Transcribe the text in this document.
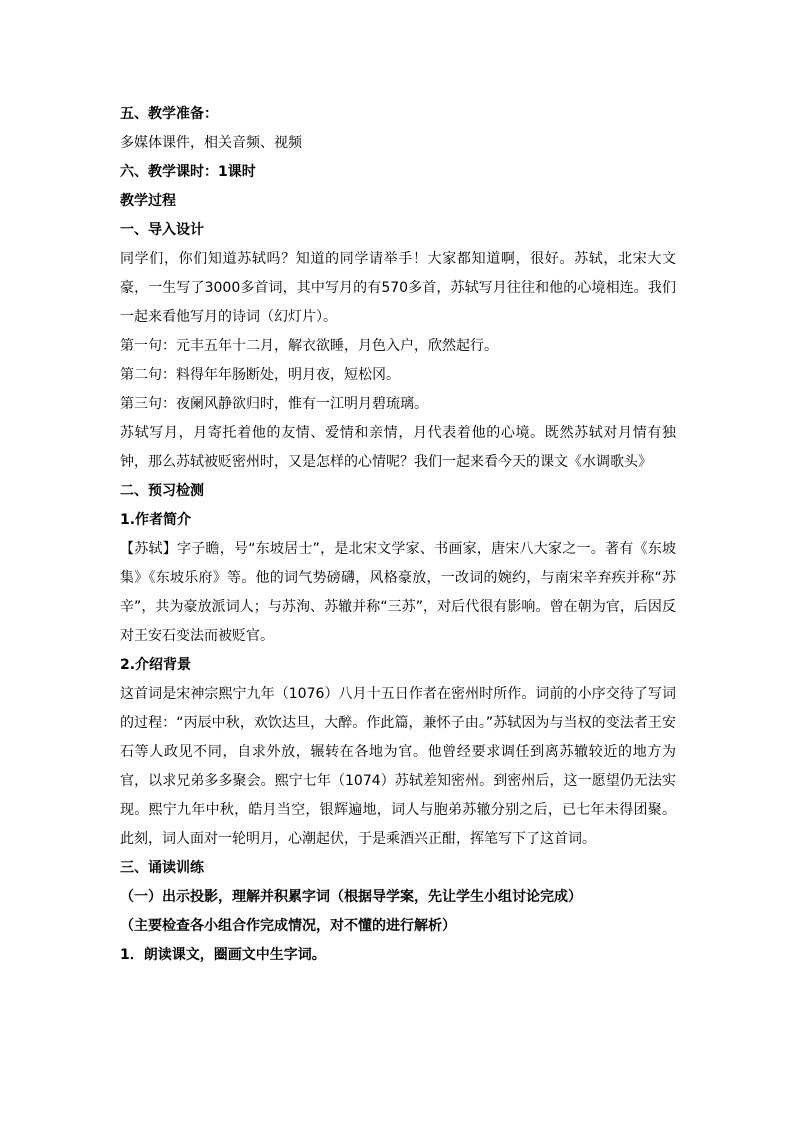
五、教学准备：
多媒体课件，相关音频、视频
六、教学课时：1课时
教学过程
一、导入设计

同学们，你们知道苏轼吗？知道的同学请举手！大家都知道啊，很好。苏轼，北宋大文豪，一生写了3000多首词，其中写月的有570多首，苏轼写月往往和他的心境相连。我们一起来看他写月的诗词（幻灯片）。

第一句：元丰五年十二月，解衣欲睡，月色入户，欣然起行。
第二句：料得年年肠断处，明月夜，短松冈。
第三句：夜阑风静欲归时，惟有一江明月碧琉璃。

苏轼写月，月寄托着他的友情、爱情和亲情，月代表着他的心境。既然苏轼对月情有独钟，那么苏轼被贬密州时，又是怎样的心情呢？我们一起来看今天的课文《水调歌头》

二、预习检测
1.作者简介

【苏轼】字子瞻，号“东坡居士”，是北宋文学家、书画家，唐宋八大家之一。著有《东坡集》《东坡乐府》等。他的词气势磅礴，风格豪放，一改词的婉约，与南宋辛弃疾并称“苏辛”，共为豪放派词人；与苏洵、苏辙并称“三苏”，对后代很有影响。曾在朝为官，后因反对王安石变法而被贬官。

2.介绍背景

这首词是宋神宗熙宁九年（1076）八月十五日作者在密州时所作。词前的小序交待了写词的过程：“丙辰中秋，欢饮达旦，大醉。作此篇，兼怀子由。”苏轼因为与当权的变法者王安石等人政见不同，自求外放，辗转在各地为官。他曾经要求调任到离苏辙较近的地方为官，以求兄弟多多聚会。熙宁七年（1074）苏轼差知密州。到密州后，这一愿望仍无法实现。熙宁九年中秋，皓月当空，银辉遍地，词人与胞弟苏辙分别之后，已七年未得团聚。此刻，词人面对一轮明月，心潮起伏，于是乘酒兴正酣，挥笔写下了这首词。

三、诵读训练
（一）出示投影，理解并积累字词（根据导学案，先让学生小组讨论完成）
（主要检查各小组合作完成情况，对不懂的进行解析）
1．朗读课文，圈画文中生字词。
